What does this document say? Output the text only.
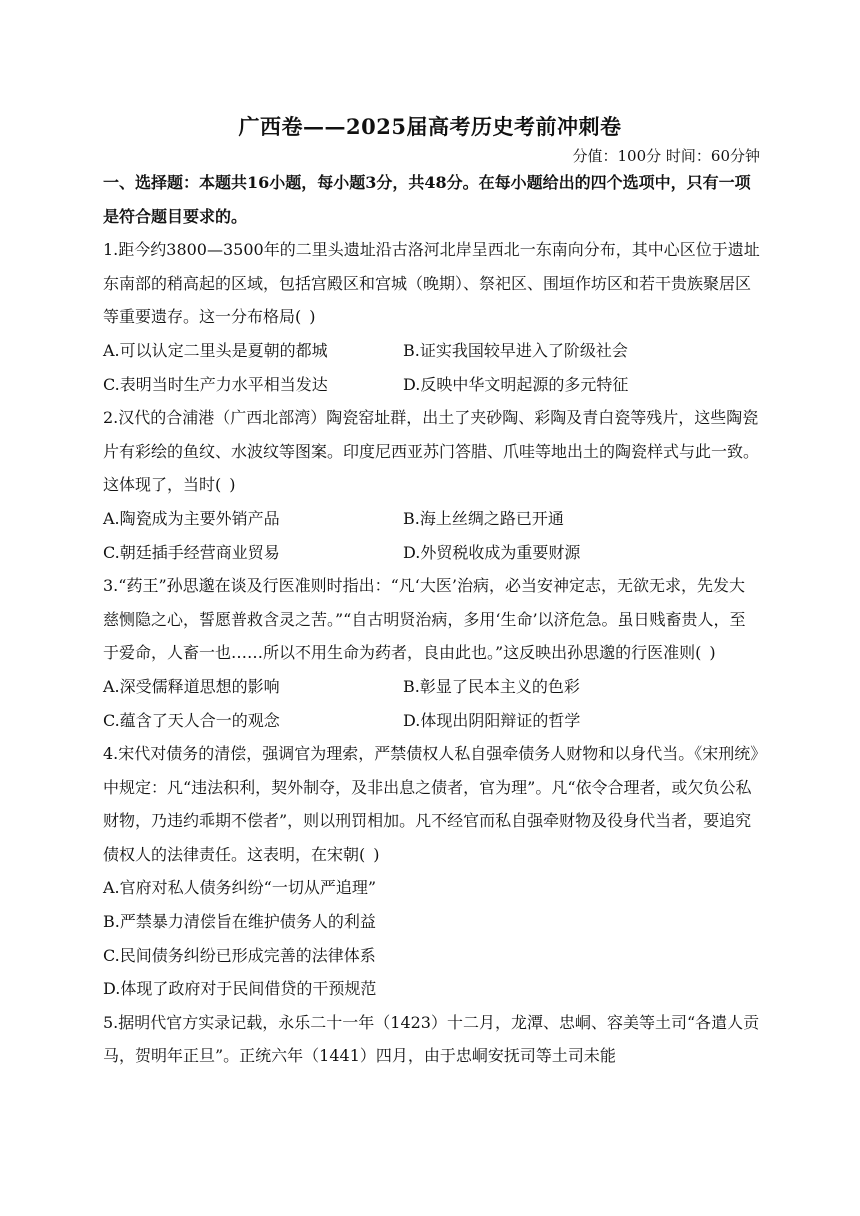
广西卷——2025届高考历史考前冲刺卷
分值：100分 时间：60分钟

一、选择题：本题共16小题，每小题3分，共48分。在每小题给出的四个选项中，只有一项是符合题目要求的。

1.距今约3800—3500年的二里头遗址沿古洛河北岸呈西北一东南向分布，其中心区位于遗址东南部的稍高起的区域，包括宫殿区和宫城（晚期）、祭祀区、围垣作坊区和若干贵族聚居区等重要遗存。这一分布格局( )

A.可以认定二里头是夏朝的都城	B.证实我国较早进入了阶级社会
C.表明当时生产力水平相当发达	D.反映中华文明起源的多元特征

2.汉代的合浦港（广西北部湾）陶瓷窑址群，出土了夹砂陶、彩陶及青白瓷等残片，这些陶瓷片有彩绘的鱼纹、水波纹等图案。印度尼西亚苏门答腊、爪哇等地出土的陶瓷样式与此一致。这体现了，当时( )

A.陶瓷成为主要外销产品	B.海上丝绸之路已开通
C.朝廷插手经营商业贸易	D.外贸税收成为重要财源

3.“药王”孙思邈在谈及行医准则时指出：“凡‘大医’治病，必当安神定志，无欲无求，先发大慈恻隐之心，誓愿普救含灵之苦。”“自古明贤治病，多用‘生命’以济危急。虽日贱畜贵人，至于爱命，人畜一也……所以不用生命为药者，良由此也。”这反映出孙思邈的行医准则( )

A.深受儒释道思想的影响	B.彰显了民本主义的色彩
C.蕴含了天人合一的观念	D.体现出阴阳辩证的哲学

4.宋代对债务的清偿，强调官为理索，严禁债权人私自强牵债务人财物和以身代当。《宋刑统》中规定：凡“违法积利，契外制夺，及非出息之债者，官为理”。凡“依令合理者，或欠负公私财物，乃违约乖期不偿者”，则以刑罚相加。凡不经官而私自强牵财物及役身代当者，要追究债权人的法律责任。这表明，在宋朝( )

A.官府对私人债务纠纷“一切从严追理”

B.严禁暴力清偿旨在维护债务人的利益

C.民间债务纠纷已形成完善的法律体系

D.体现了政府对于民间借贷的干预规范

5.据明代官方实录记载，永乐二十一年（1423）十二月，龙潭、忠峒、容美等土司“各遣人贡马，贺明年正旦”。正统六年（1441）四月，由于忠峒安抚司等土司未能
